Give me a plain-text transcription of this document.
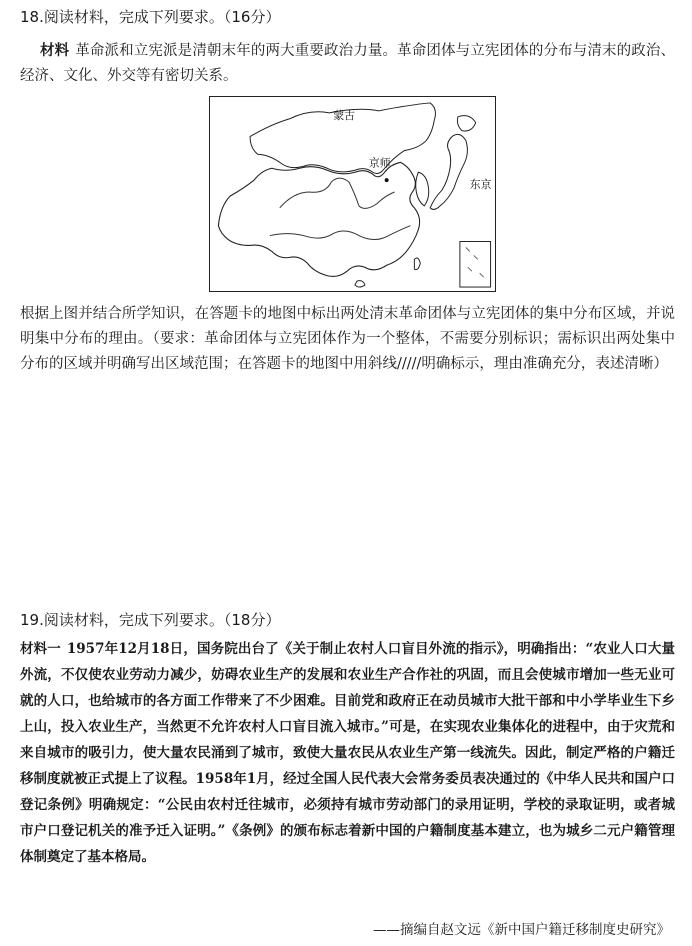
18.阅读材料，完成下列要求。（16分）

材料 革命派和立宪派是清朝末年的两大重要政治力量。革命团体与立宪团体的分布与清末的政治、经济、文化、外交等有密切关系。

蒙古
京师
东京

根据上图并结合所学知识，在答题卡的地图中标出两处清末革命团体与立宪团体的集中分布区域，并说明集中分布的理由。（要求：革命团体与立宪团体作为一个整体，不需要分别标识；需标识出两处集中分布的区域并明确写出区域范围；在答题卡的地图中用斜线/////明确标示，理由准确充分，表述清晰）

19.阅读材料，完成下列要求。（18分）

材料一 1957年12月18日，国务院出台了《关于制止农村人口盲目外流的指示》，明确指出：“农业人口大量外流，不仅使农业劳动力减少，妨碍农业生产的发展和农业生产合作社的巩固，而且会使城市增加一些无业可就的人口，也给城市的各方面工作带来了不少困难。目前党和政府正在动员城市大批干部和中小学毕业生下乡上山，投入农业生产，当然更不允许农村人口盲目流入城市。”可是，在实现农业集体化的进程中，由于灾荒和来自城市的吸引力，使大量农民涌到了城市，致使大量农民从农业生产第一线流失。因此，制定严格的户籍迁移制度就被正式提上了议程。1958年1月，经过全国人民代表大会常务委员表决通过的《中华人民共和国户口登记条例》明确规定：“公民由农村迁往城市，必须持有城市劳动部门的录用证明，学校的录取证明，或者城市户口登记机关的准予迁入证明。”《条例》的颁布标志着新中国的户籍制度基本建立，也为城乡二元户籍管理体制奠定了基本格局。

——摘编自赵文远《新中国户籍迁移制度史研究》
